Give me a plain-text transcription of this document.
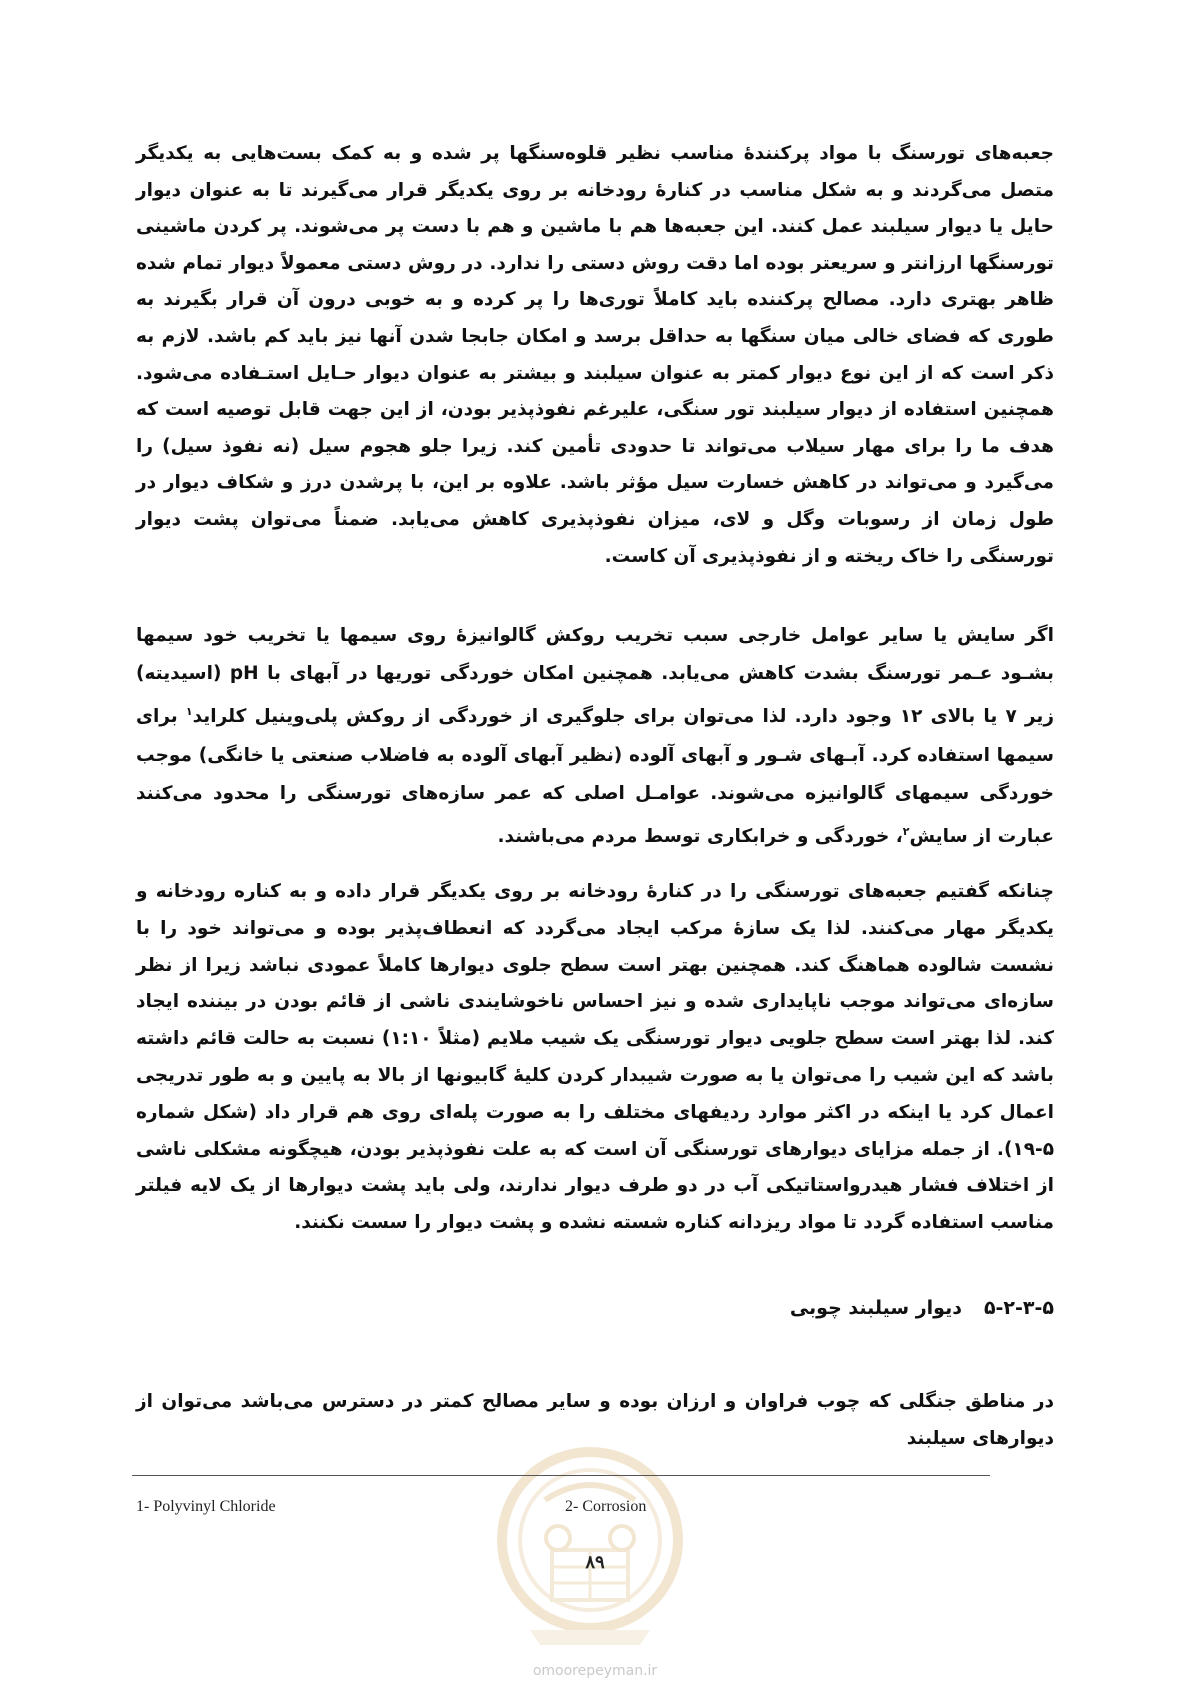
جعبه‌های تورسنگ با مواد پرکنندهٔ مناسب نظیر قلوه‌سنگها پر شده و به کمک بست‌هایی به یکدیگر متصل می‌گردند و به شکل مناسب در کنارهٔ رودخانه بر روی یکدیگر قرار می‌گیرند تا به عنوان دیوار حایل یا دیوار سیلبند عمل کنند. این جعبه‌ها هم با ماشین و هم با دست پر می‌شوند. پر کردن ماشینی تورسنگها ارزانتر و سریعتر بوده اما دقت روش دستی را ندارد. در روش دستی معمولاً دیوار تمام شده ظاهر بهتری دارد. مصالح پرکننده باید کاملاً توری‌ها را پر کرده و به خوبی درون آن قرار بگیرند به طوری که فضای خالی میان سنگها به حداقل برسد و امکان جابجا شدن آنها نیز باید کم باشد. لازم به ذکر است که از این نوع دیوار کمتر به عنوان سیلبند و بیشتر به عنوان دیوار حـایل استـفاده می‌شود. همچنین استفاده از دیوار سیلبند تور سنگی، علیرغم نفوذپذیر بودن، از این جهت قابل توصیه است که هدف ما را برای مهار سیلاب می‌تواند تا حدودی تأمین کند. زیرا جلو هجوم سیل (نه نفوذ سیل) را می‌گیرد و می‌تواند در کاهش خسارت سیل مؤثر باشد. علاوه بر این، با پرشدن درز و شکاف دیوار در طول زمان از رسوبات وگل و لای، میزان نفوذپذیری کاهش می‌یابد. ضمناً می‌توان پشت دیوار تورسنگی را خاک ریخته و از نفوذپذیری آن کاست.

اگر سایش یا سایر عوامل خارجی سبب تخریب روکش گالوانیزهٔ روی سیمها یا تخریب خود سیمها بشـود عـمر تورسنگ بشدت کاهش می‌یابد. همچنین امکان خوردگی توریها در آبهای با pH (اسیدیته) زیر ۷ یا بالای ۱۲ وجود دارد. لذا می‌توان برای جلوگیری از خوردگی از روکش پلی‌وینیل کلراید$^۱$ برای سیمها استفاده کرد. آبـهای شـور و آبهای آلوده (نظیر آبهای آلوده به فاضلاب صنعتی یا خانگی) موجب خوردگی سیمهای گالوانیزه می‌شوند. عوامـل اصلی که عمر سازه‌های تورسنگی را محدود می‌کنند عبارت از سایش$^۲$، خوردگی و خرابکاری توسط مردم می‌باشند.

چنانکه گفتیم جعبه‌های تورسنگی را در کنارهٔ رودخانه بر روی یکدیگر قرار داده و به کناره رودخانه و یکدیگر مهار می‌کنند. لذا یک سازهٔ مرکب ایجاد می‌گردد که انعطاف‌پذیر بوده و می‌تواند خود را با نشست شالوده هماهنگ کند. همچنین بهتر است سطح جلوی دیوارها کاملاً عمودی نباشد زیرا از نظر سازه‌ای می‌تواند موجب ناپایداری شده و نیز احساس ناخوشایندی ناشی از قائم بودن در بیننده ایجاد کند. لذا بهتر است سطح جلویی دیوار تورسنگی یک شیب ملایم (مثلاً ۱:۱۰) نسبت به حالت قائم داشته باشد که این شیب را می‌توان یا به صورت شیبدار کردن کلیهٔ گابیونها از بالا به پایین و به طور تدریجی اعمال کرد یا اینکه در اکثر موارد ردیفهای مختلف را به صورت پله‌ای روی هم قرار داد (شکل شماره ۵-۱۹). از جمله مزایای دیوارهای تورسنگی آن است که به علت نفوذپذیر بودن، هیچگونه مشکلی ناشی از اختلاف فشار هیدرواستاتیکی آب در دو طرف دیوار ندارند، ولی باید پشت دیوارها از یک لایه فیلتر مناسب استفاده گردد تا مواد ریزدانه کناره شسته نشده و پشت دیوار را سست نکنند.

۵-۲-۳-۵دیوار سیلبند چوبی

در مناطق جنگلی که چوب فراوان و ارزان بوده و سایر مصالح کمتر در دسترس می‌باشد می‌توان از دیوارهای سیلبند

1- Polyvinyl Chloride	2- Corrosion
۸۹
omoorepeyman.ir
